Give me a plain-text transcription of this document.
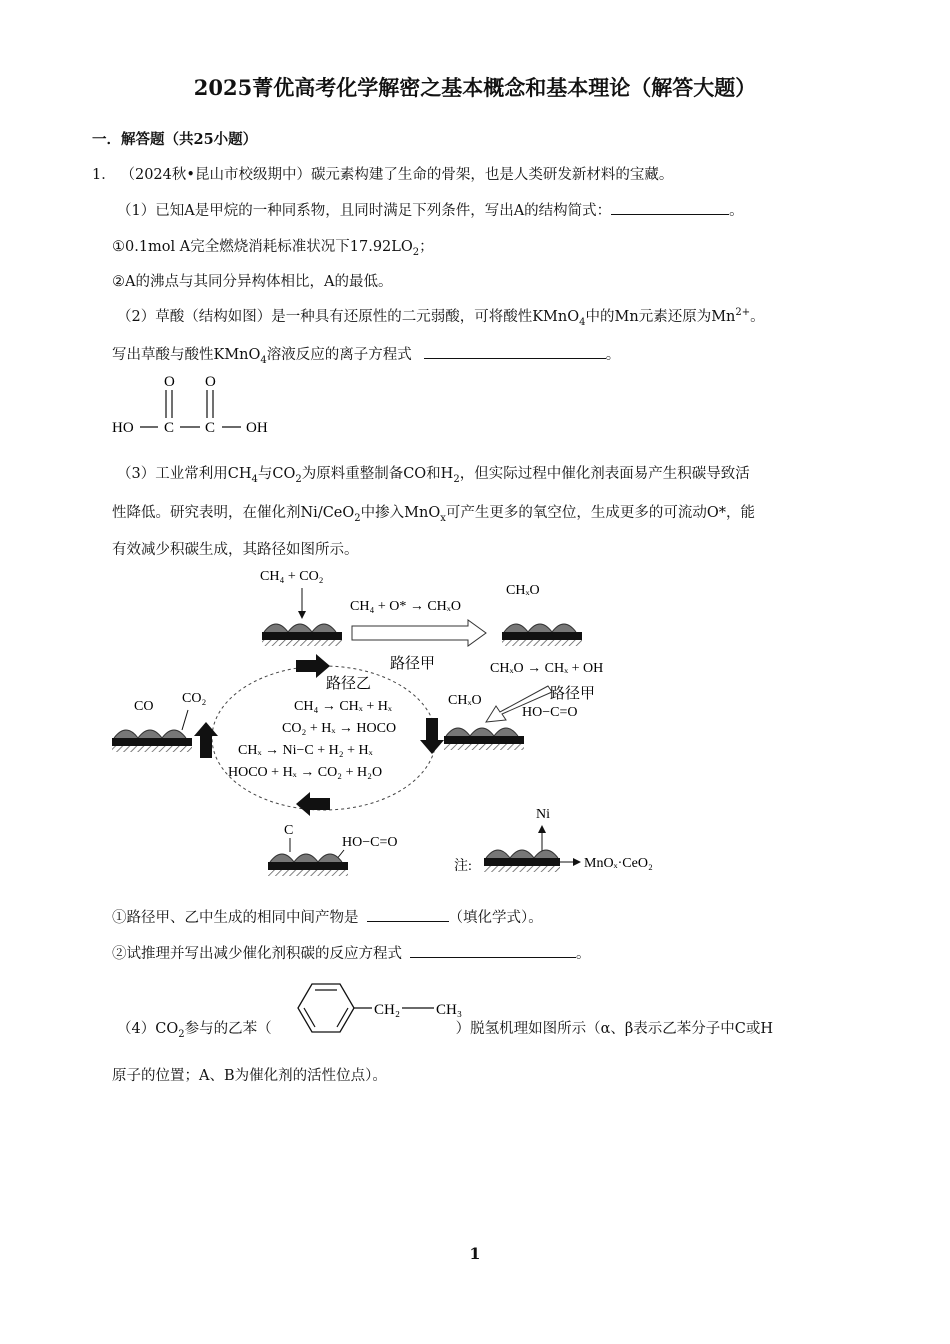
2025菁优高考化学解密之基本概念和基本理论（解答大题）
一．解答题（共25小题）
1． （2024秋•昆山市校级期中）碳元素构建了生命的骨架，也是人类研发新材料的宝藏。
（1）已知A是甲烷的一种同系物，且同时满足下列条件，写出A的结构简式：	。
①0.1mol A完全燃烧消耗标准状况下$17.92LO_2$；
②A的沸点与其同分异构体相比，A的最低。
（2）草酸（结构如图）是一种具有还原性的二元弱酸，可将酸性KMnO$_4$中的Mn元素还原为$Mn^{2+}$。
写出草酸与酸性KMnO$_4$溶液反应的离子方程式	。
O O
HO C C OH
（3）工业常利用$CH_4$与$CO_2$为原料重整制备CO和$H_2$，但实际过程中催化剂表面易产生积碳导致活
性降低。研究表明，在催化剂Ni/CeO$_2$中掺入MnO$_x$可产生更多的氧空位，生成更多的可流动O*，能
有效减少积碳生成，其路径如图所示。
CH₄ + CO₂
CH₄ + O* → CHₓO
路径甲
CHₓO
CHₓO → CHₓ + OH
路径甲
CHₓO
HO−C=O
路径乙
CH₄ → CHₓ + Hₓ
CO₂ + Hₓ → HOCO
CHₓ → Ni−C + H₂ + Hₓ
HOCO + Hₓ → CO₂ + H₂O
CO
CO₂
C
HO−C=O
注:
Ni
MnOₓ·CeO₂
①路径甲、乙中生成的相同中间产物是	（填化学式）。
②试推理并写出减少催化剂积碳的反应方程式	。
$(4)CO_2$参与的乙苯（	）脱氢机理如图所示（α、β表示乙苯分子中C或H
CH₂ CH₃
原子的位置；A、B为催化剂的活性位点）。
1
